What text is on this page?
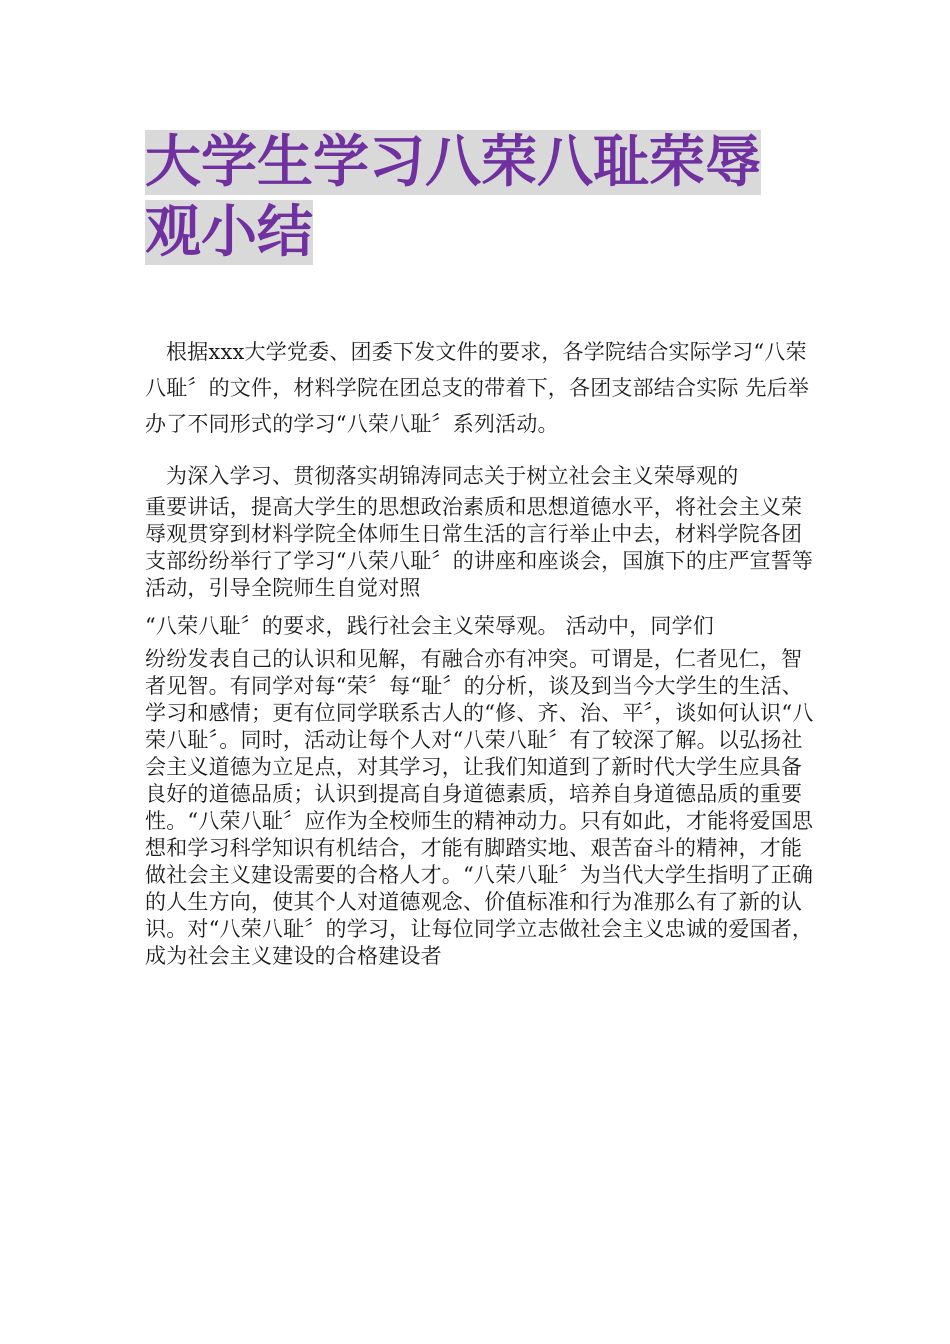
大学生学习八荣八耻荣辱观小结

根据xxx大学党委、团委下发文件的要求，各学院结合实际学习“八荣八耻〞的文件，材料学院在团总支的带着下，各团支部结合实际 先后举办了不同形式的学习“八荣八耻〞系列活动。

为深入学习、贯彻落实胡锦涛同志关于树立社会主义荣辱观的

重要讲话，提高大学生的思想政治素质和思想道德水平，将社会主义荣辱观贯穿到材料学院全体师生日常生活的言行举止中去，材料学院各团支部纷纷举行了学习“八荣八耻〞的讲座和座谈会，国旗下的庄严宣誓等活动，引导全院师生自觉对照

“八荣八耻〞的要求，践行社会主义荣辱观。 活动中，同学们

纷纷发表自己的认识和见解，有融合亦有冲突。可谓是，仁者见仁，智者见智。有同学对每“荣〞每“耻〞的分析，谈及到当今大学生的生活、学习和感情；更有位同学联系古人的“修、齐、治、平〞，谈如何认识“八荣八耻〞。同时，活动让每个人对“八荣八耻〞有了较深了解。以弘扬社会主义道德为立足点，对其学习，让我们知道到了新时代大学生应具备良好的道德品质；认识到提高自身道德素质，培养自身道德品质的重要性。“八荣八耻〞应作为全校师生的精神动力。只有如此，才能将爱国思想和学习科学知识有机结合，才能有脚踏实地、艰苦奋斗的精神，才能做社会主义建设需要的合格人才。“八荣八耻〞为当代大学生指明了正确的人生方向，使其个人对道德观念、价值标准和行为准那么有了新的认识。对“八荣八耻〞的学习，让每位同学立志做社会主义忠诚的爱国者，成为社会主义建设的合格建设者
